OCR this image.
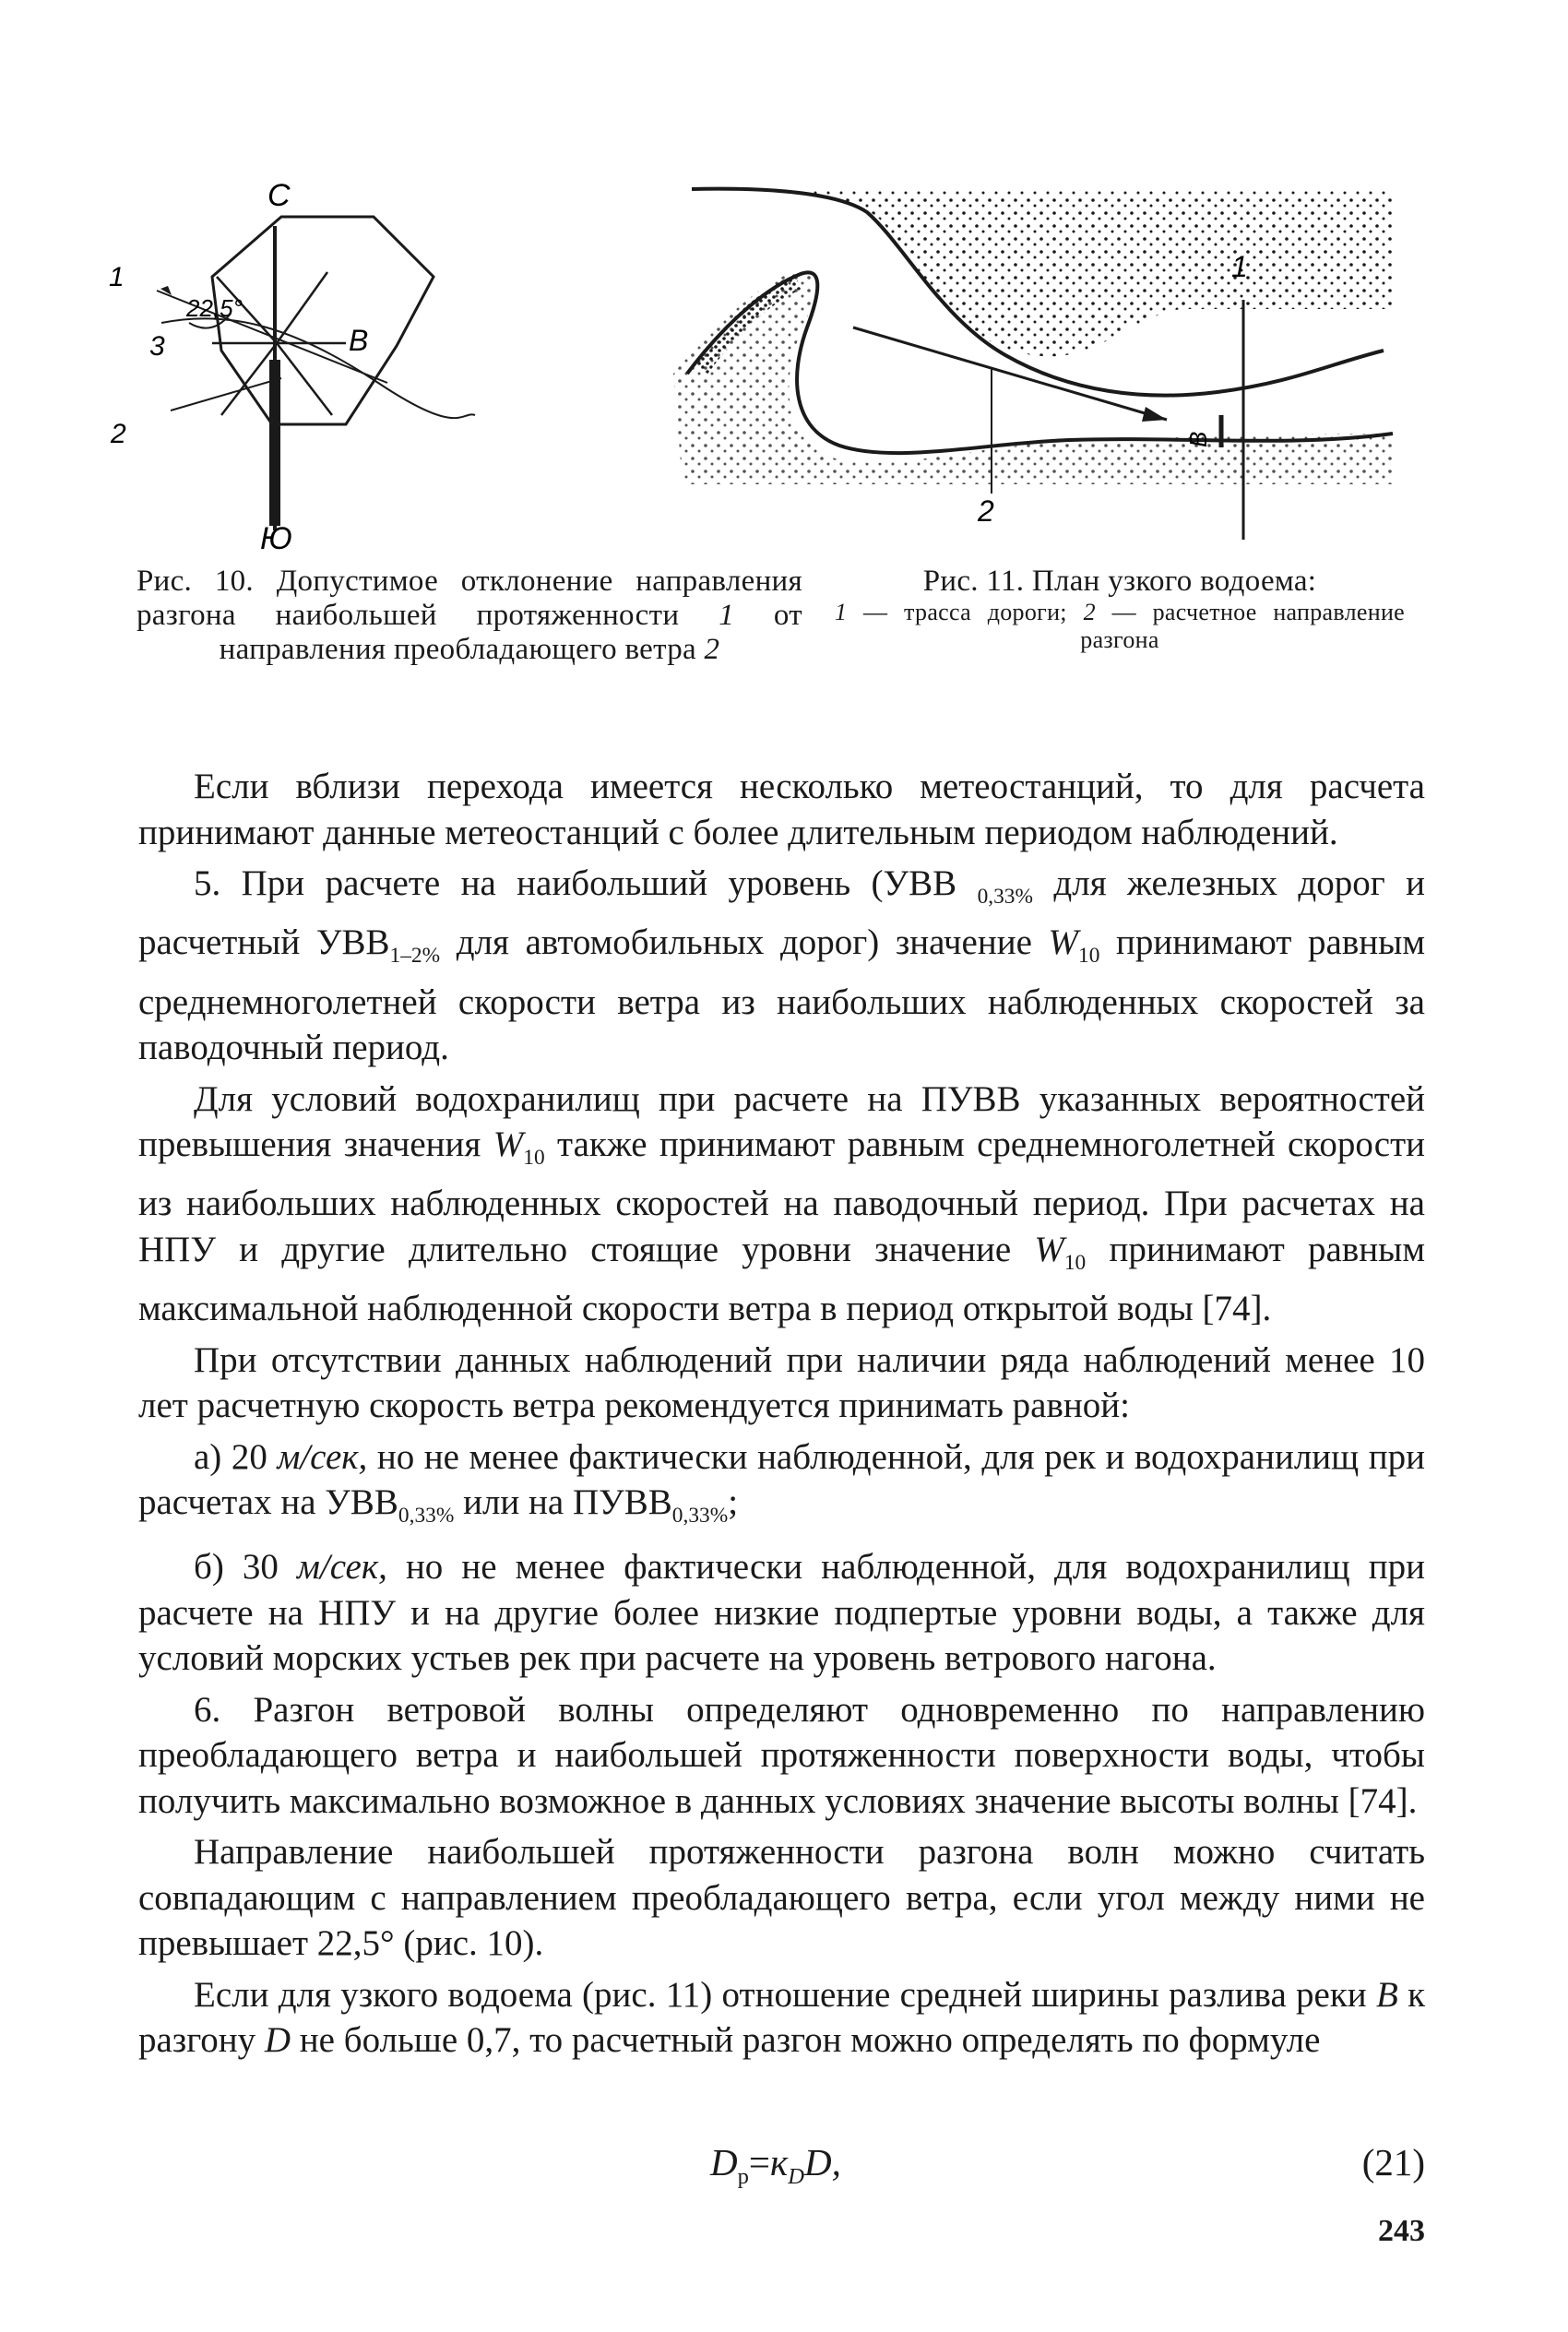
С
Ю
В
1
3
2
22,5°
1
2
В
Рис. 10. Допустимое отклонение направления разгона наибольшей протяженности 1 от направления преобладающего ветра 2
Рис. 11. План узкого водоема:
1 — трасса дороги; 2 — расчетное направление разгона

Если вблизи перехода имеется несколько метеостанций, то для расчета принимают данные метеостанций с более длительным периодом наблюдений.

5. При расчете на наибольший уровень (УВВ $_{0,33\%}$ для железных дорог и расчетный $УВВ_{1-2\%}$ для автомобильных дорог) значение $W_{10}$ принимают равным среднемноголетней скорости ветра из наибольших наблюденных скоростей за паводочный период.

Для условий водохранилищ при расчете на ПУВВ указанных вероятностей превышения значения $W_{10}$ также принимают равным среднемноголетней скорости из наибольших наблюденных скоростей на паводочный период. При расчетах на НПУ и другие длительно стоящие уровни значение $W_{10}$ принимают равным максимальной наблюденной скорости ветра в период открытой воды [74].

При отсутствии данных наблюдений при наличии ряда наблюдений менее 10 лет расчетную скорость ветра рекомендуется принимать равной:

а) 20 м/сек, но не менее фактически наблюденной, для рек и водохранилищ при расчетах на $УВВ_{0,33\%}$ или на $ПУВВ_{0,33\%}$;

б) 30 м/сек, но не менее фактически наблюденной, для водохранилищ при расчете на НПУ и на другие более низкие подпертые уровни воды, а также для условий морских устьев рек при расчете на уровень ветрового нагона.

6. Разгон ветровой волны определяют одновременно по направлению преобладающего ветра и наибольшей протяженности поверхности воды, чтобы получить максимально возможное в данных условиях значение высоты волны [74].

Направление наибольшей протяженности разгона волн можно считать совпадающим с направлением преобладающего ветра, если угол между ними не превышает 22,5° (рис. 10).

Если для узкого водоема (рис. 11) отношение средней ширины разлива реки B к разгону D не больше 0,7, то расчетный разгон можно определять по формуле

$D_р=к_DD$,	(21)
243
